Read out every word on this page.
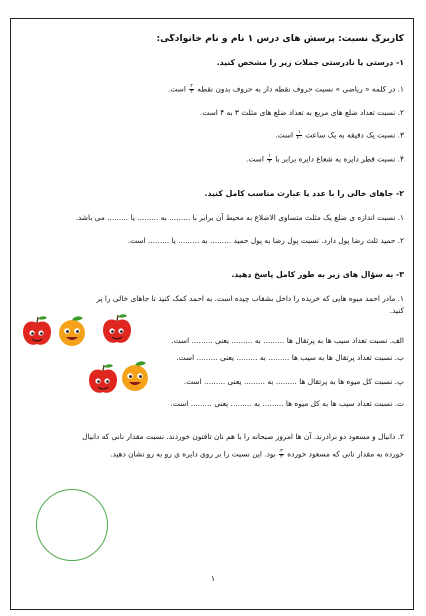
کاربرگ نسبت: پرسش های درس ۱ نام و نام خانوادگی:
۱- درستی یا نادرستی جملات زیر را مشخص کنید.
۱. در کلمه « ریاضی » نسبت حروف نقطه دار به حروف بدون نقطه
$\frac{۲}{۳}$
است.
۲. نسبت تعداد ضلع های مربع به تعداد ضلع های مثلث ۳ به ۴ است.
۳. نسبت یک دقیقه به یک ساعت
$\frac{۱}{۶۰}$
است.
۴. نسبت قطر دایره به شعاع دایره برابر با
$\frac{۱}{۲}$
است.
۲- جاهای خالی را با عدد یا عبارت مناسب کامل کنید.
۱. نسبت اندازه ی ضلع یک مثلث متساوی الاضلاع به محیط آن برابر با ......... به ......... یا ......... می باشد.
۲. حمید ثلث رضا پول دارد. نسبت پول رضا به پول حمید ......... به ......... یا ......... است.
۳- به سؤال های زیر به طور کامل پاسخ دهید.
۱. مادر احمد میوه هایی که خریده را داخل بشقاب چیده است. به احمد کمک کنید تا جاهای خالی را پر
کنید.
الف. نسبت تعداد سیب ها به پرتقال ها ......... به ......... یعنی ......... است.
ب. نسبت تعداد پرتقال ها به سیب ها ......... به ......... یعنی ......... است.
پ. نسبت کل میوه ها به پرتقال ها ......... به ......... یعنی ......... است.
ت. نسبت تعداد سیب ها به کل میوه ها ......... به ......... یعنی ......... است.
۲. دانیال و مسعود دو برادرند. آن ها امروز صبحانه را با هم نان تافتون خوردند. نسبت مقدار نانی که دانیال
خورده به مقدار نانی که مسعود خورده
$\frac{۳}{۲}$
بود. این نسبت را بر روی دایره ی رو به رو نشان دهید.
۱
